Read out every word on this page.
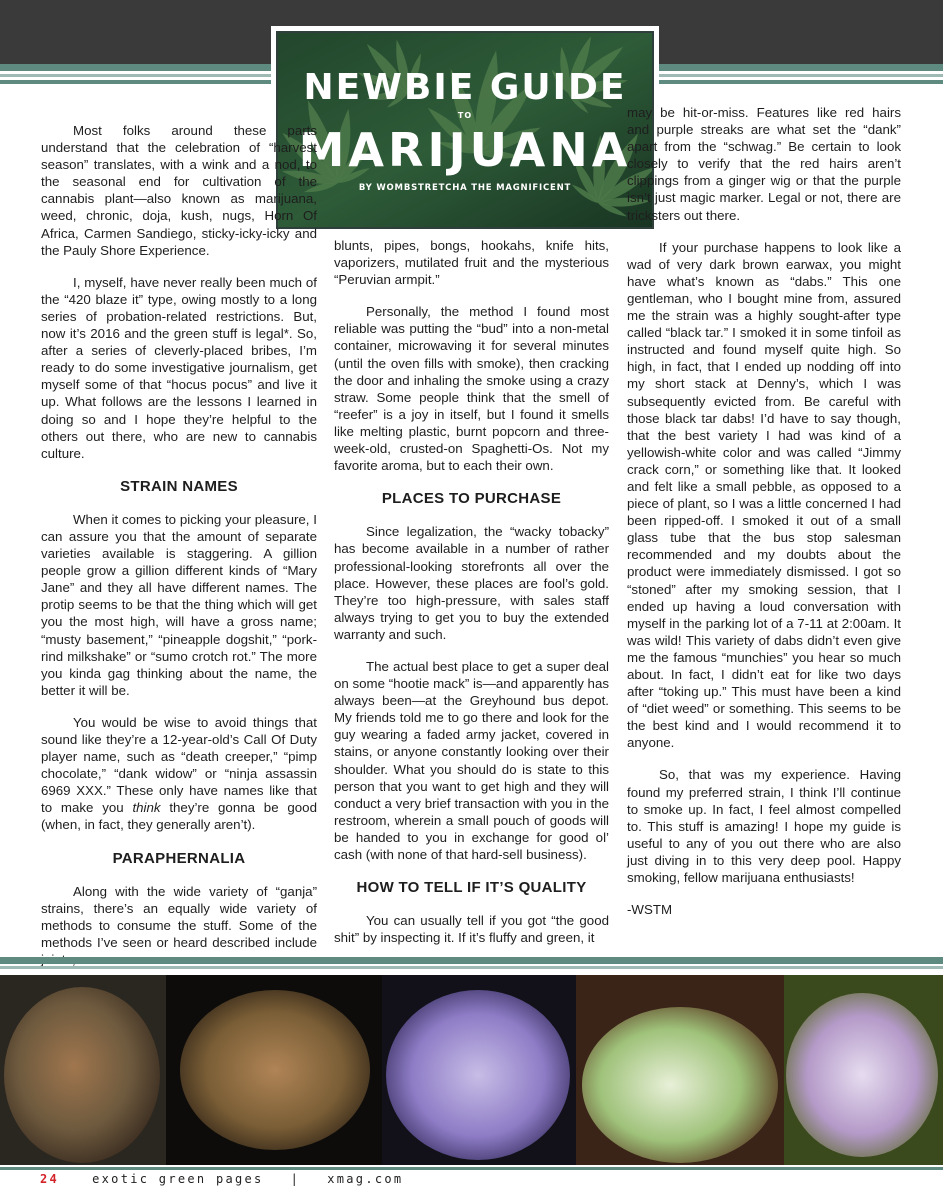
NEWBIE GUIDE
TO
MARIJUANA
BY WOMBSTRETCHA THE MAGNIFICENT

Most folks around these parts understand that the celebration of “harvest season” translates, with a wink and a nod, to the seasonal end for cultivation of the cannabis plant—also known as marijuana, weed, chronic, doja, kush, nugs, Horn Of Africa, Carmen Sandiego, sticky-icky-icky and the Pauly Shore Experience.

I, myself, have never really been much of the “420 blaze it” type, owing mostly to a long series of probation-related restrictions. But, now it’s 2016 and the green stuff is legal*. So, after a series of cleverly-placed bribes, I’m ready to do some investigative journalism, get myself some of that “hocus pocus” and live it up. What follows are the lessons I learned in doing so and I hope they’re helpful to the others out there, who are new to cannabis culture.

STRAIN NAMES

When it comes to picking your pleasure, I can assure you that the amount of separate varieties available is staggering. A gillion people grow a gillion different kinds of “Mary Jane” and they all have different names. The protip seems to be that the thing which will get you the most high, will have a gross name; “musty basement,” “pineapple dogshit,” “pork-rind milkshake” or “sumo crotch rot.” The more you kinda gag thinking about the name, the better it will be.

You would be wise to avoid things that sound like they’re a 12-year-old’s Call Of Duty player name, such as “death creeper,” “pimp chocolate,” “dank widow” or “ninja assassin 6969 XXX.” These only have names like that to make you think they’re gonna be good (when, in fact, they generally aren’t).

PARAPHERNALIA

Along with the wide variety of “ganja” strains, there’s an equally wide variety of methods to consume the stuff. Some of the methods I’ve seen or heard described include

blunts, pipes, bongs, hookahs, knife hits, vaporizers, mutilated fruit and the mysterious “Peruvian armpit.”

Personally, the method I found most reliable was putting the “bud” into a non-metal container, microwaving it for several minutes (until the oven fills with smoke), then cracking the door and inhaling the smoke using a crazy straw. Some people think that the smell of “reefer” is a joy in itself, but I found it smells like melting plastic, burnt popcorn and three-week-old, crusted-on Spaghetti-Os. Not my favorite aroma, but to each their own.

PLACES TO PURCHASE

Since legalization, the “wacky tobacky” has become available in a number of rather professional-looking storefronts all over the place. However, these places are fool’s gold. They’re too high-pressure, with sales staff always trying to get you to buy the extended warranty and such.

The actual best place to get a super deal on some “hootie mack” is—and apparently has always been—at the Greyhound bus depot. My friends told me to go there and look for the guy wearing a faded army jacket, covered in stains, or anyone constantly looking over their shoulder. What you should do is state to this person that you want to get high and they will conduct a very brief transaction with you in the restroom, wherein a small pouch of goods will be handed to you in exchange for good ol’ cash (with none of that hard-sell business).

HOW TO TELL IF IT’S QUALITY

You can usually tell if you got “the good shit” by inspecting it. If it’s fluffy and green, it

may be hit-or-miss. Features like red hairs and purple streaks are what set the “dank” apart from the “schwag.” Be certain to look closely to verify that the red hairs aren’t clippings from a ginger wig or that the purple isn’t just magic marker. Legal or not, there are tricksters out there.

If your purchase happens to look like a wad of very dark brown earwax, you might have what’s known as “dabs.” This one gentleman, who I bought mine from, assured me the strain was a highly sought-after type called “black tar.” I smoked it in some tinfoil as instructed and found myself quite high. So high, in fact, that I ended up nodding off into my short stack at Denny’s, which I was subsequently evicted from. Be careful with those black tar dabs! I’d have to say though, that the best variety I had was kind of a yellowish-white color and was called “Jimmy crack corn,” or something like that. It looked and felt like a small pebble, as opposed to a piece of plant, so I was a little concerned I had been ripped-off. I smoked it out of a small glass tube that the bus stop salesman recommended and my doubts about the product were immediately dismissed. I got so “stoned” after my smoking session, that I ended up having a loud conversation with myself in the parking lot of a 7-11 at 2:00am. It was wild! This variety of dabs didn’t even give me the famous “munchies” you hear so much about. In fact, I didn’t eat for like two days after “toking up.” This must have been a kind of “diet weed” or something. This seems to be the best kind and I would recommend it to anyone.

So, that was my experience. Having found my preferred strain, I think I’ll continue to smoke up. In fact, I feel almost compelled to. This stuff is amazing! I hope my guide is useful to any of you out there who are also just diving in to this very deep pool. Happy smoking, fellow marijuana enthusiasts!

-WSTM

24	exotic green pages | xmag.com
